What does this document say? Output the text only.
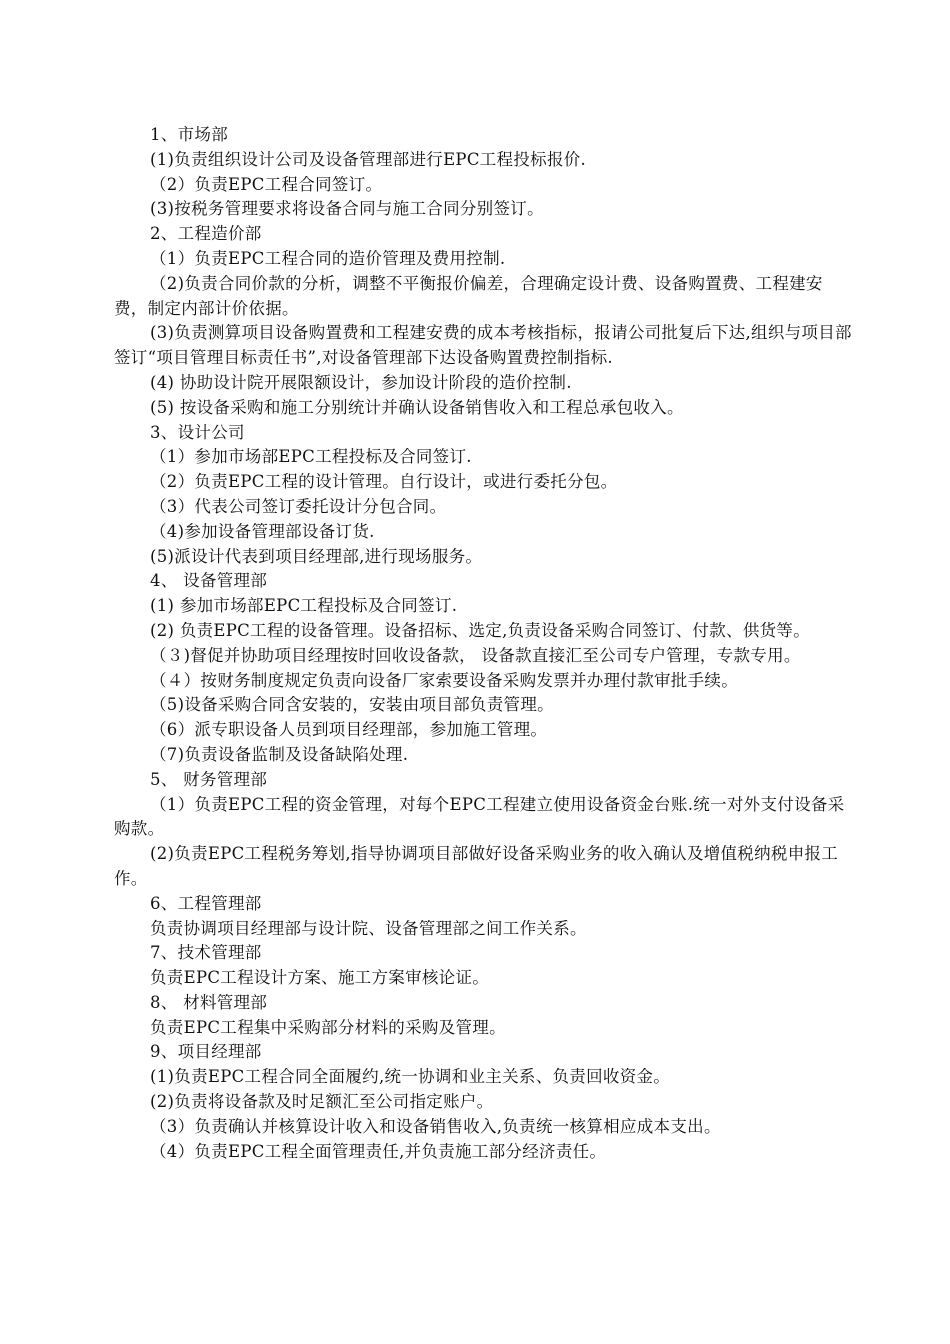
1、市场部
(1)负责组织设计公司及设备管理部进行EPC工程投标报价.
（2）负责EPC工程合同签订。
(3)按税务管理要求将设备合同与施工合同分别签订。
2、工程造价部
（1）负责EPC工程合同的造价管理及费用控制.
（2)负责合同价款的分析，调整不平衡报价偏差，合理确定设计费、设备购置费、工程建安费，制定内部计价依据。
(3)负责测算项目设备购置费和工程建安费的成本考核指标，报请公司批复后下达,组织与项目部签订“项目管理目标责任书”,对设备管理部下达设备购置费控制指标.
(4) 协助设计院开展限额设计，参加设计阶段的造价控制.
(5) 按设备采购和施工分别统计并确认设备销售收入和工程总承包收入。
3、设计公司
（1）参加市场部EPC工程投标及合同签订.
（2）负责EPC工程的设计管理。自行设计，或进行委托分包。
（3）代表公司签订委托设计分包合同。
（4)参加设备管理部设备订货.
(5)派设计代表到项目经理部,进行现场服务。
4、 设备管理部
(1) 参加市场部EPC工程投标及合同签订.
(2) 负责EPC工程的设备管理。设备招标、选定,负责设备采购合同签订、付款、供货等。
（３)督促并协助项目经理按时回收设备款， 设备款直接汇至公司专户管理，专款专用。
（４）按财务制度规定负责向设备厂家索要设备采购发票并办理付款审批手续。
（5)设备采购合同含安装的，安装由项目部负责管理。
（6）派专职设备人员到项目经理部，参加施工管理。
（7)负责设备监制及设备缺陷处理.
5、 财务管理部
（1）负责EPC工程的资金管理，对每个EPC工程建立使用设备资金台账.统一对外支付设备采购款。
(2)负责EPC工程税务筹划,指导协调项目部做好设备采购业务的收入确认及增值税纳税申报工作。
6、工程管理部
负责协调项目经理部与设计院、设备管理部之间工作关系。
7、技术管理部
负责EPC工程设计方案、施工方案审核论证。
8、 材料管理部
负责EPC工程集中采购部分材料的采购及管理。
9、项目经理部
(1)负责EPC工程合同全面履约,统一协调和业主关系、负责回收资金。
(2)负责将设备款及时足额汇至公司指定账户。
（3）负责确认并核算设计收入和设备销售收入,负责统一核算相应成本支出。
（4）负责EPC工程全面管理责任,并负责施工部分经济责任。
